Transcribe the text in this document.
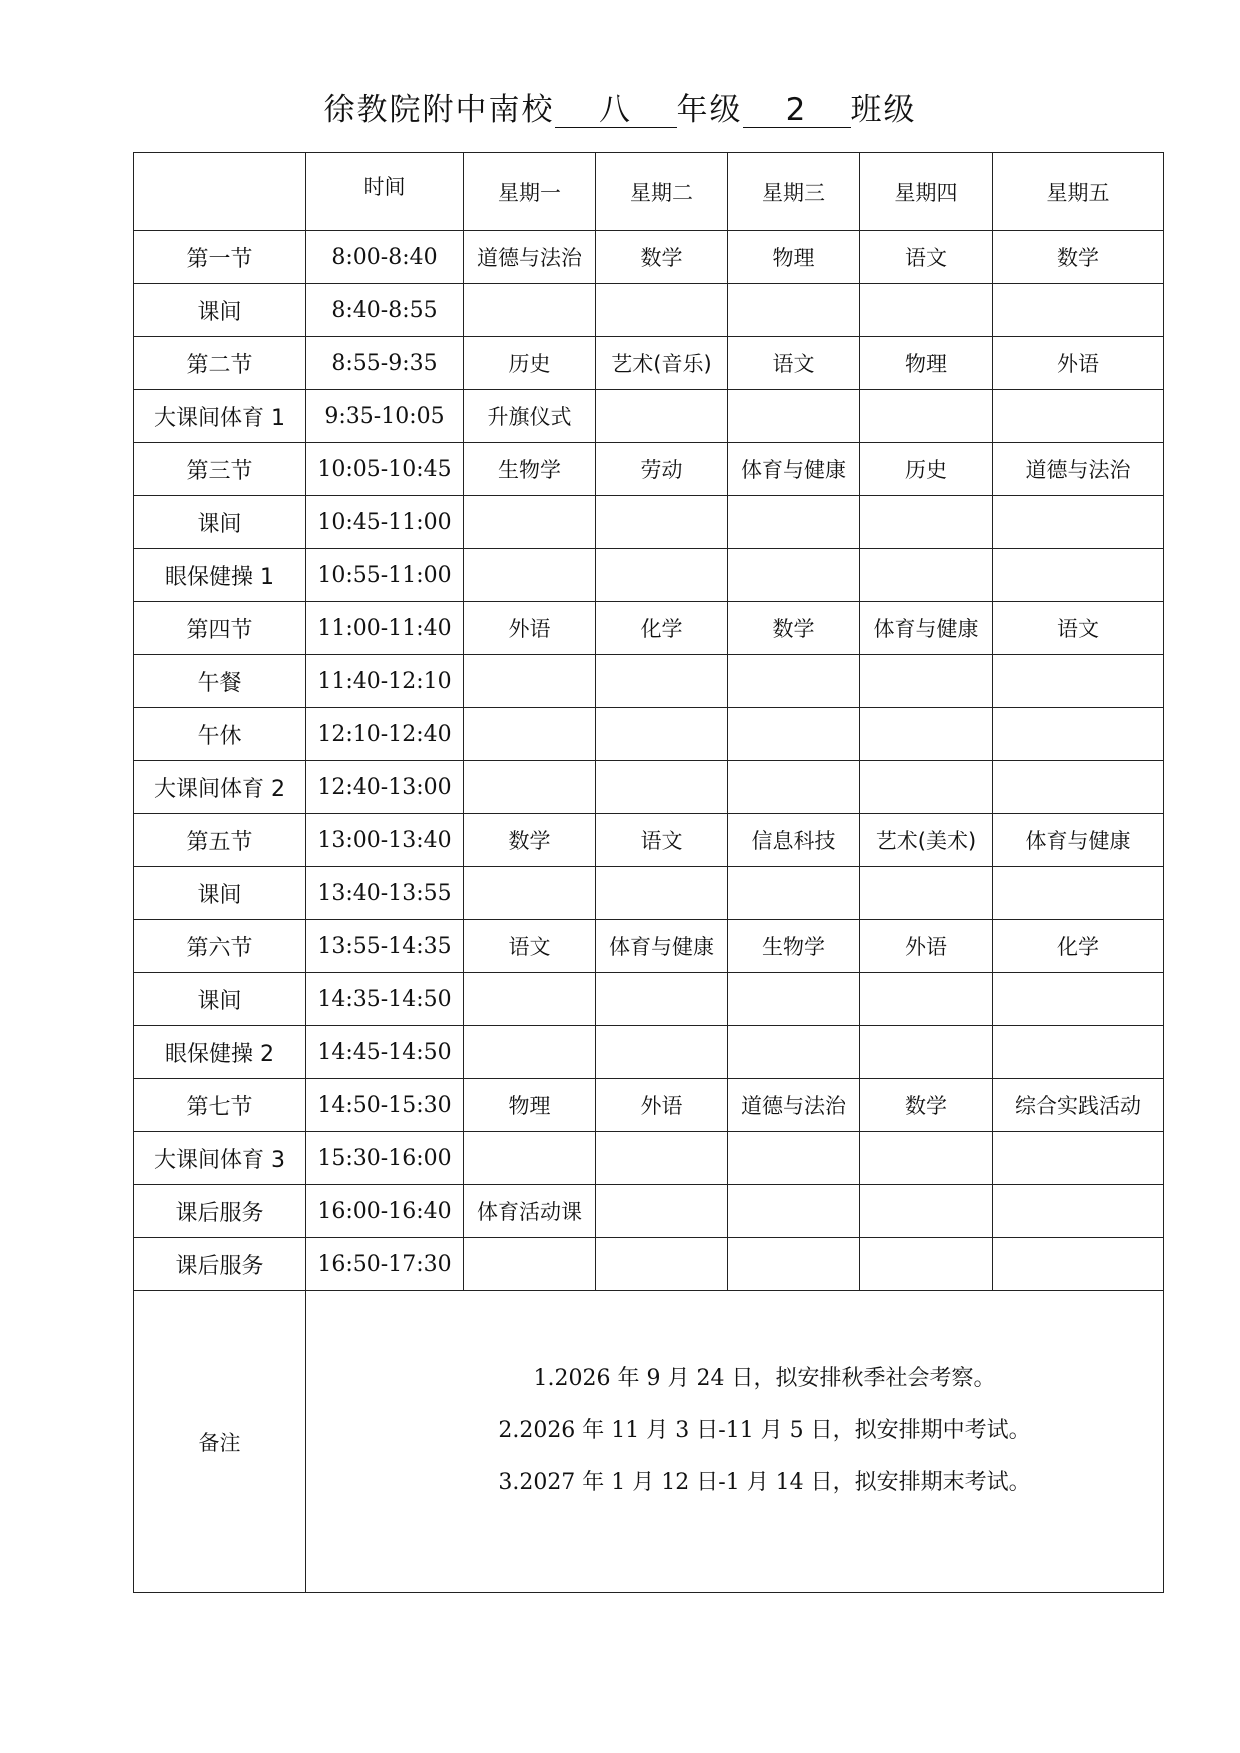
徐教院附中南校 八 年级 2 班级
	时间	星期一	星期二	星期三	星期四	星期五
第一节	8:00-8:40	道德与法治	数学	物理	语文	数学
课间	8:40-8:55					
第二节	8:55-9:35	历史	艺术(音乐)	语文	物理	外语
大课间体育 1	9:35-10:05	升旗仪式				
第三节	10:05-10:45	生物学	劳动	体育与健康	历史	道德与法治
课间	10:45-11:00					
眼保健操 1	10:55-11:00					
第四节	11:00-11:40	外语	化学	数学	体育与健康	语文
午餐	11:40-12:10					
午休	12:10-12:40					
大课间体育 2	12:40-13:00					
第五节	13:00-13:40	数学	语文	信息科技	艺术(美术)	体育与健康
课间	13:40-13:55					
第六节	13:55-14:35	语文	体育与健康	生物学	外语	化学
课间	14:35-14:50					
眼保健操 2	14:45-14:50					
第七节	14:50-15:30	物理	外语	道德与法治	数学	综合实践活动
大课间体育 3	15:30-16:00					
课后服务	16:00-16:40	体育活动课				
课后服务	16:50-17:30					
备注	1.2026 年 9 月 24 日，拟安排秋季社会考察。
2.2026 年 11 月 3 日-11 月 5 日，拟安排期中考试。
3.2027 年 1 月 12 日-1 月 14 日，拟安排期末考试。					
